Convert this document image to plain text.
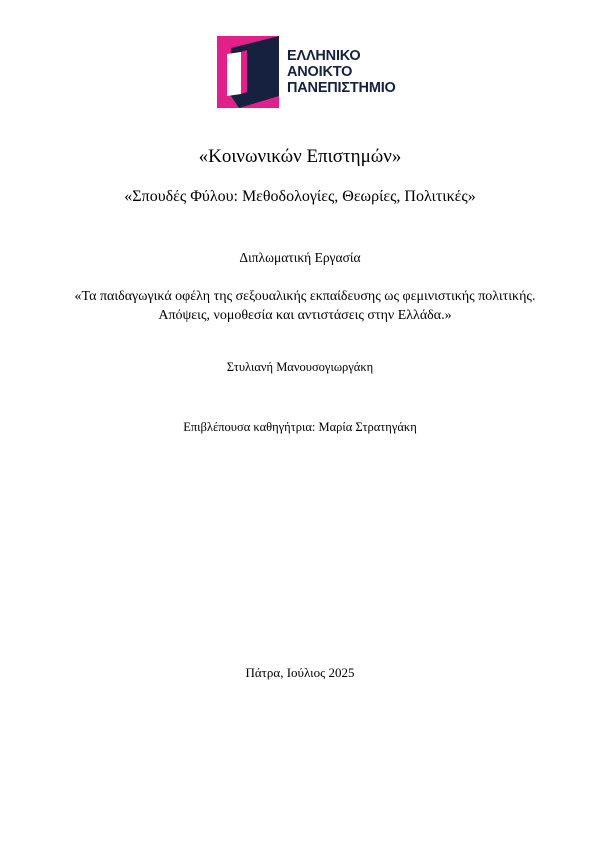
ΕΛΛΗΝΙΚΟ
ΑΝΟΙΚΤΟ
ΠΑΝΕΠΙΣΤΗΜΙΟ
«Κοινωνικών Επιστημών»
«Σπουδές Φύλου: Μεθοδολογίες, Θεωρίες, Πολιτικές»
Διπλωματική Εργασία
«Τα παιδαγωγικά οφέλη της σεξουαλικής εκπαίδευσης ως φεμινιστικής πολιτικής. Απόψεις, νομοθεσία και αντιστάσεις στην Ελλάδα.»
Στυλιανή Μανουσογιωργάκη
Επιβλέπουσα καθηγήτρια: Μαρία Στρατηγάκη
Πάτρα, Ιούλιος 2025
